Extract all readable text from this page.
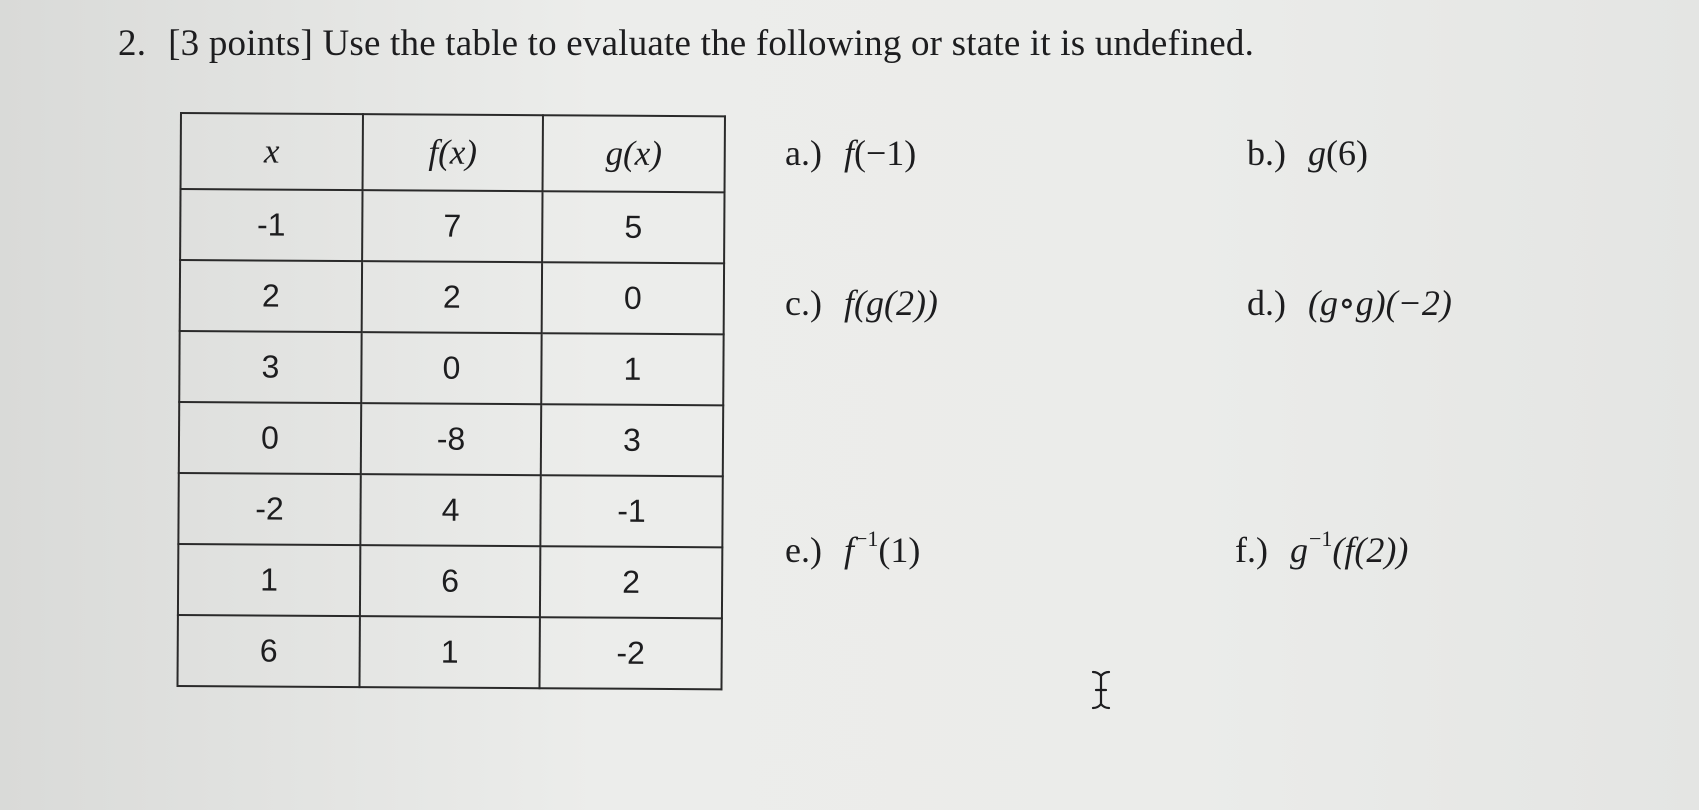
2. [3 points] Use the table to evaluate the following or state it is undefined.
x	f(x)	g(x)
-1	7	5
2	2	0
3	0	1
0	-8	3
-2	4	-1
1	6	2
6	1	-2
a.) f(−1)	b.) g(6)
c.) f(g(2))	d.) (g∘g)(−2)
e.) $f^{-1}(1)$	f.) $g^{-1}(f(2))$
